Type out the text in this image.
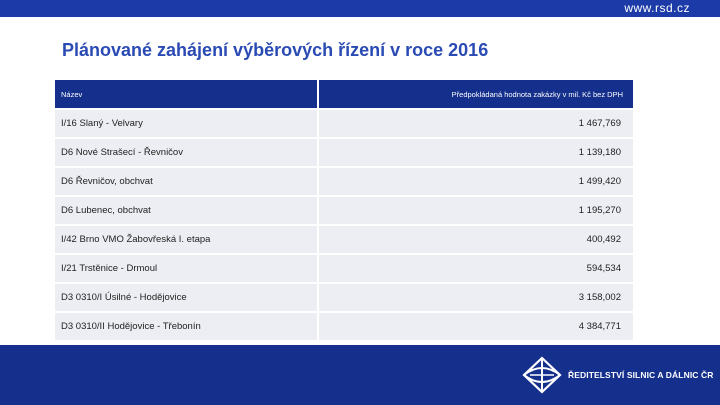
www.rsd.cz
Plánované zahájení výběrových řízení v roce 2016
Název	Předpokládaná hodnota zakázky v mil. Kč bez DPH
I/16 Slaný - Velvary	1 467,769
D6 Nové Strašecí - Řevničov	1 139,180
D6 Řevničov, obchvat	1 499,420
D6 Lubenec, obchvat	1 195,270
I/42 Brno VMO Žabovřeská I. etapa	400,492
I/21 Trstěnice - Drmoul	594,534
D3 0310/I Úsilné - Hodějovice	3 158,002
D3 0310/II Hodějovice - Třebonín	4 384,771
ŘEDITELSTVÍ SILNIC A DÁLNIC ČR
